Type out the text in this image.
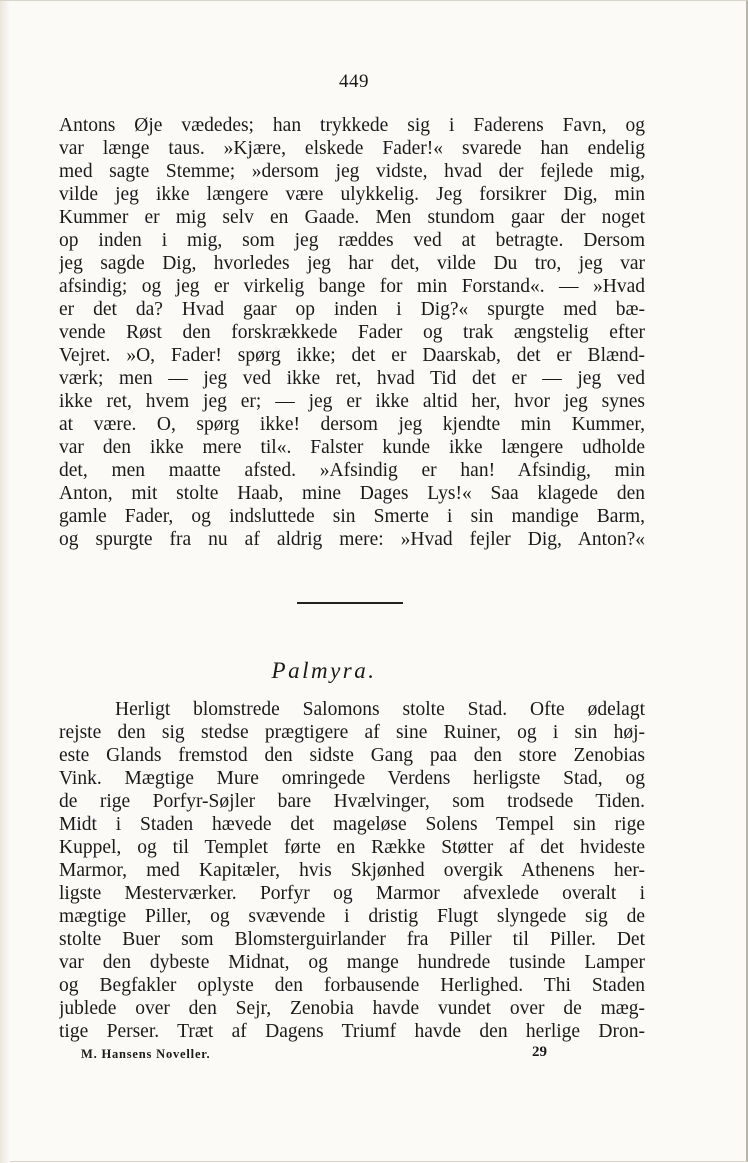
449
Antons Øje vædedes; han trykkede sig i Faderens Favn, og
var længe taus. »Kjære, elskede Fader!« svarede han endelig
med sagte Stemme; »dersom jeg vidste, hvad der fejlede mig,
vilde jeg ikke længere være ulykkelig. Jeg forsikrer Dig, min
Kummer er mig selv en Gaade. Men stundom gaar der noget
op inden i mig, som jeg ræddes ved at betragte. Dersom
jeg sagde Dig, hvorledes jeg har det, vilde Du tro, jeg var
afsindig; og jeg er virkelig bange for min Forstand«. — »Hvad
er det da? Hvad gaar op inden i Dig?« spurgte med bæ-
vende Røst den forskrækkede Fader og trak ængstelig efter
Vejret. »O, Fader! spørg ikke; det er Daarskab, det er Blænd-
værk; men — jeg ved ikke ret, hvad Tid det er — jeg ved
ikke ret, hvem jeg er; — jeg er ikke altid her, hvor jeg synes
at være. O, spørg ikke! dersom jeg kjendte min Kummer,
var den ikke mere til«. Falster kunde ikke længere udholde
det, men maatte afsted. »Afsindig er han! Afsindig, min
Anton, mit stolte Haab, mine Dages Lys!« Saa klagede den
gamle Fader, og indsluttede sin Smerte i sin mandige Barm,
og spurgte fra nu af aldrig mere: »Hvad fejler Dig, Anton?«
Palmyra.
Herligt blomstrede Salomons stolte Stad. Ofte ødelagt
rejste den sig stedse prægtigere af sine Ruiner, og i sin høj-
este Glands fremstod den sidste Gang paa den store Zenobias
Vink. Mægtige Mure omringede Verdens herligste Stad, og
de rige Porfyr-Søjler bare Hvælvinger, som trodsede Tiden.
Midt i Staden hævede det mageløse Solens Tempel sin rige
Kuppel, og til Templet førte en Række Støtter af det hvideste
Marmor, med Kapitæler, hvis Skjønhed overgik Athenens her-
ligste Mesterværker. Porfyr og Marmor afvexlede overalt i
mægtige Piller, og svævende i dristig Flugt slyngede sig de
stolte Buer som Blomsterguirlander fra Piller til Piller. Det
var den dybeste Midnat, og mange hundrede tusinde Lamper
og Begfakler oplyste den forbausende Herlighed. Thi Staden
jublede over den Sejr, Zenobia havde vundet over de mæg-
tige Perser. Træt af Dagens Triumf havde den herlige Dron-
M. Hansens Noveller.	29
